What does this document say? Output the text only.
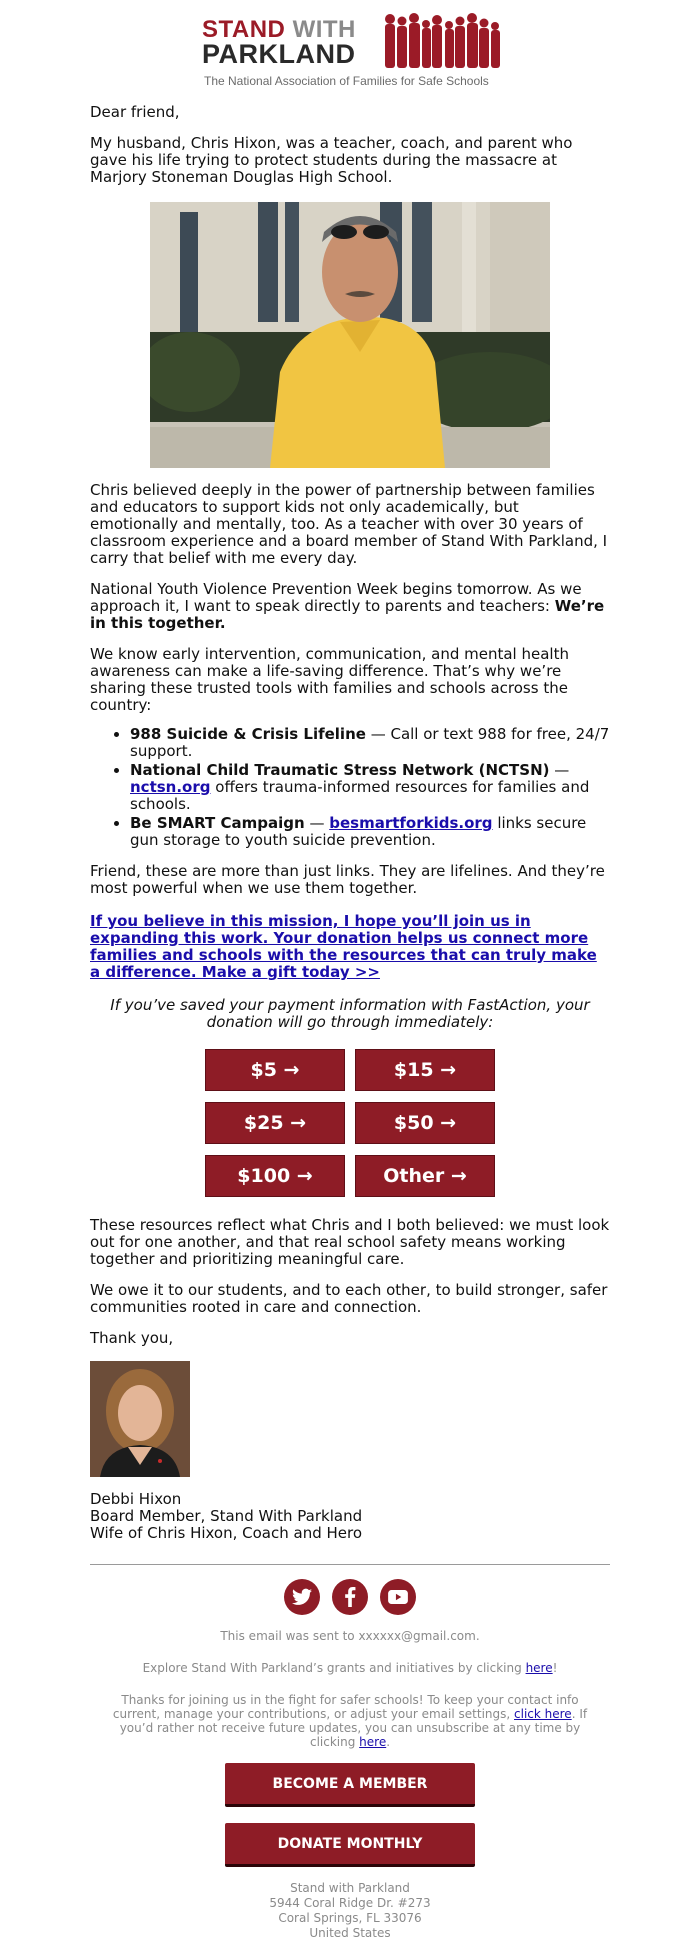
STAND WITH
PARKLAND
The National Association of Families for Safe Schools

Dear friend,

My husband, Chris Hixon, was a teacher, coach, and parent who gave his life trying to protect students during the massacre at Marjory Stoneman Douglas High School.

Chris believed deeply in the power of partnership between families and educators to support kids not only academically, but emotionally and mentally, too. As a teacher with over 30 years of classroom experience and a board member of Stand With Parkland, I carry that belief with me every day.

National Youth Violence Prevention Week begins tomorrow. As we approach it, I want to speak directly to parents and teachers: We’re in this together.

We know early intervention, communication, and mental health awareness can make a life-saving difference. That’s why we’re sharing these trusted tools with families and schools across the country:

• 988 Suicide & Crisis Lifeline — Call or text 988 for free, 24/7 support.
• National Child Traumatic Stress Network (NCTSN) — nctsn.org offers trauma-informed resources for families and schools.
• Be SMART Campaign — besmartforkids.org links secure gun storage to youth suicide prevention.

Friend, these are more than just links. They are lifelines. And they’re most powerful when we use them together.

If you believe in this mission, I hope you’ll join us in expanding this work. Your donation helps us connect more families and schools with the resources that can truly make a difference. Make a gift today >>

If you’ve saved your payment information with FastAction, your donation will go through immediately:

$5 →	$15 →
$25 →	$50 →
$100 →	Other →

These resources reflect what Chris and I both believed: we must look out for one another, and that real school safety means working together and prioritizing meaningful care.

We owe it to our students, and to each other, to build stronger, safer communities rooted in care and connection.

Thank you,

Debbi Hixon
Board Member, Stand With Parkland
Wife of Chris Hixon, Coach and Hero

This email was sent to xxxxxx@gmail.com.

Explore Stand With Parkland’s grants and initiatives by clicking here!

Thanks for joining us in the fight for safer schools! To keep your contact info current, manage your contributions, or adjust your email settings, click here. If you’d rather not receive future updates, you can unsubscribe at any time by clicking here.

BECOME A MEMBER
DONATE MONTHLY
Stand with Parkland
5944 Coral Ridge Dr. #273
Coral Springs, FL 33076
United States
